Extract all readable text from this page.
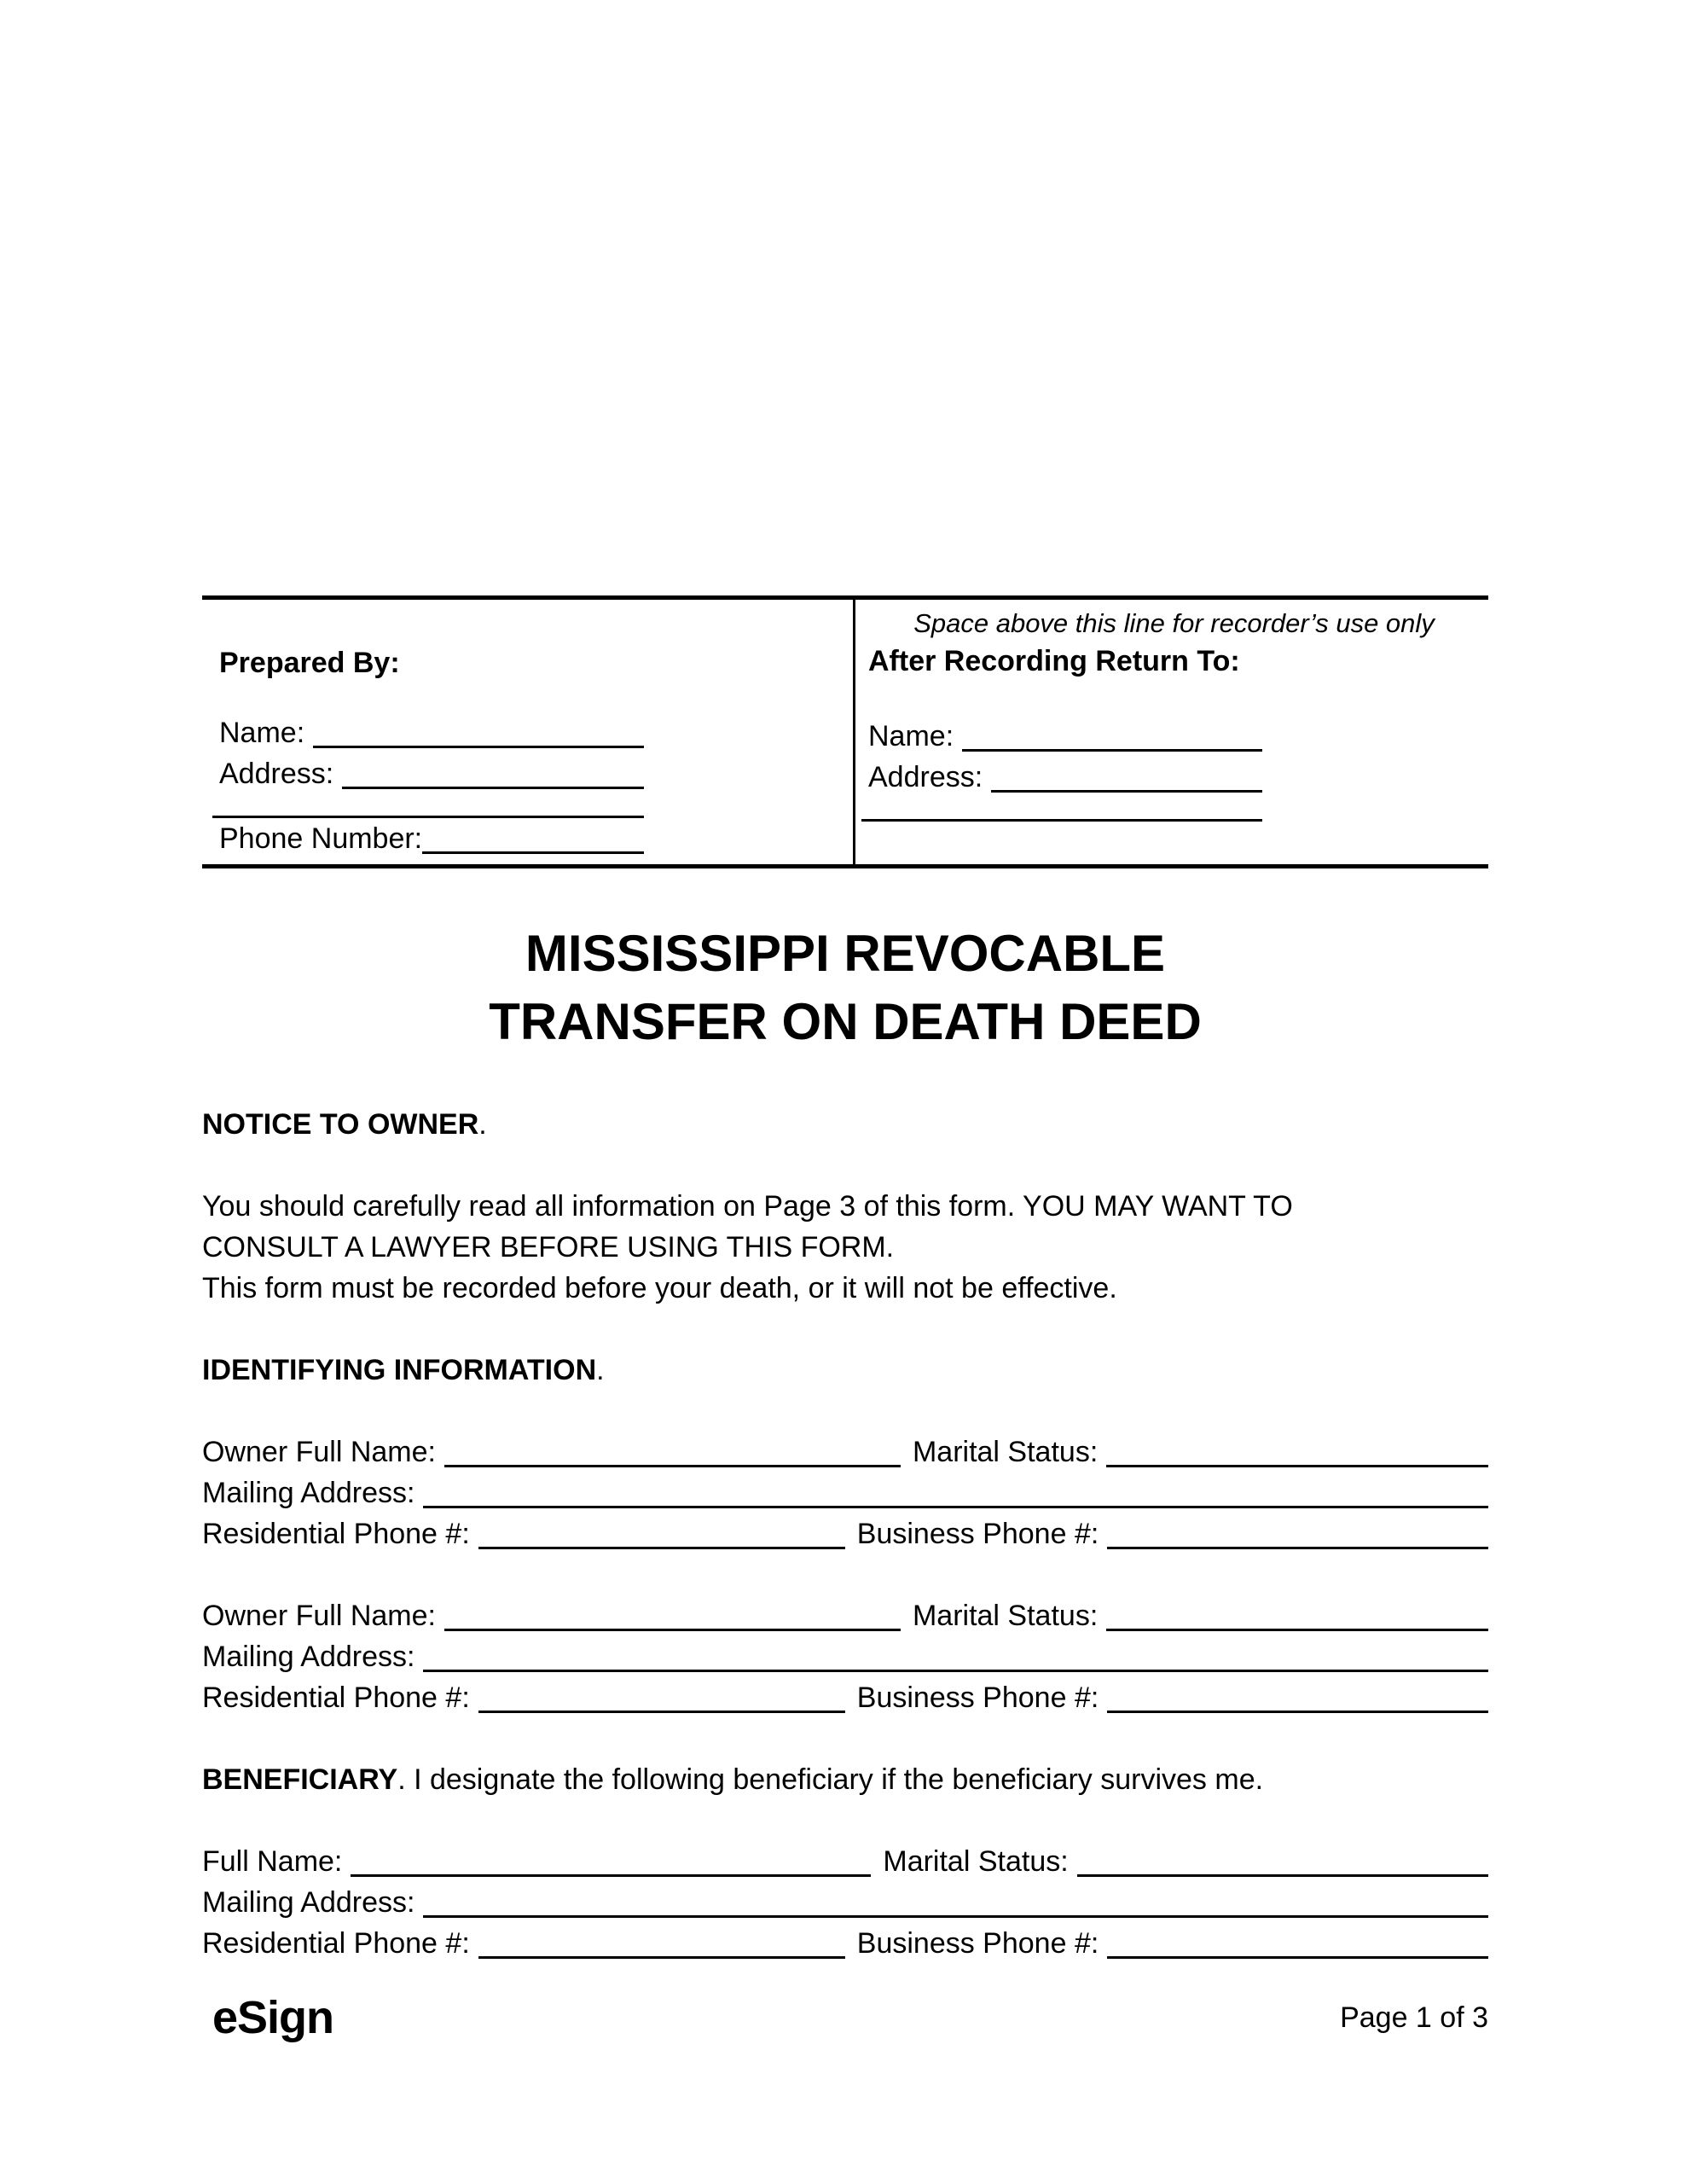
Prepared By:
Name:
Address:
Phone Number:
Space above this line for recorder’s use only
After Recording Return To:
Name:
Address:
MISSISSIPPI REVOCABLE
TRANSFER ON DEATH DEED
NOTICE TO OWNER.
You should carefully read all information on Page 3 of this form. YOU MAY WANT TO
CONSULT A LAWYER BEFORE USING THIS FORM.
This form must be recorded before your death, or it will not be effective.
IDENTIFYING INFORMATION.
Owner Full Name:	Marital Status:
Mailing Address:
Residential Phone #:	Business Phone #:
Owner Full Name:	Marital Status:
Mailing Address:
Residential Phone #:	Business Phone #:
BENEFICIARY. I designate the following beneficiary if the beneficiary survives me.
Full Name:	Marital Status:
Mailing Address:
Residential Phone #:	Business Phone #:
eSign	Page 1 of 3
